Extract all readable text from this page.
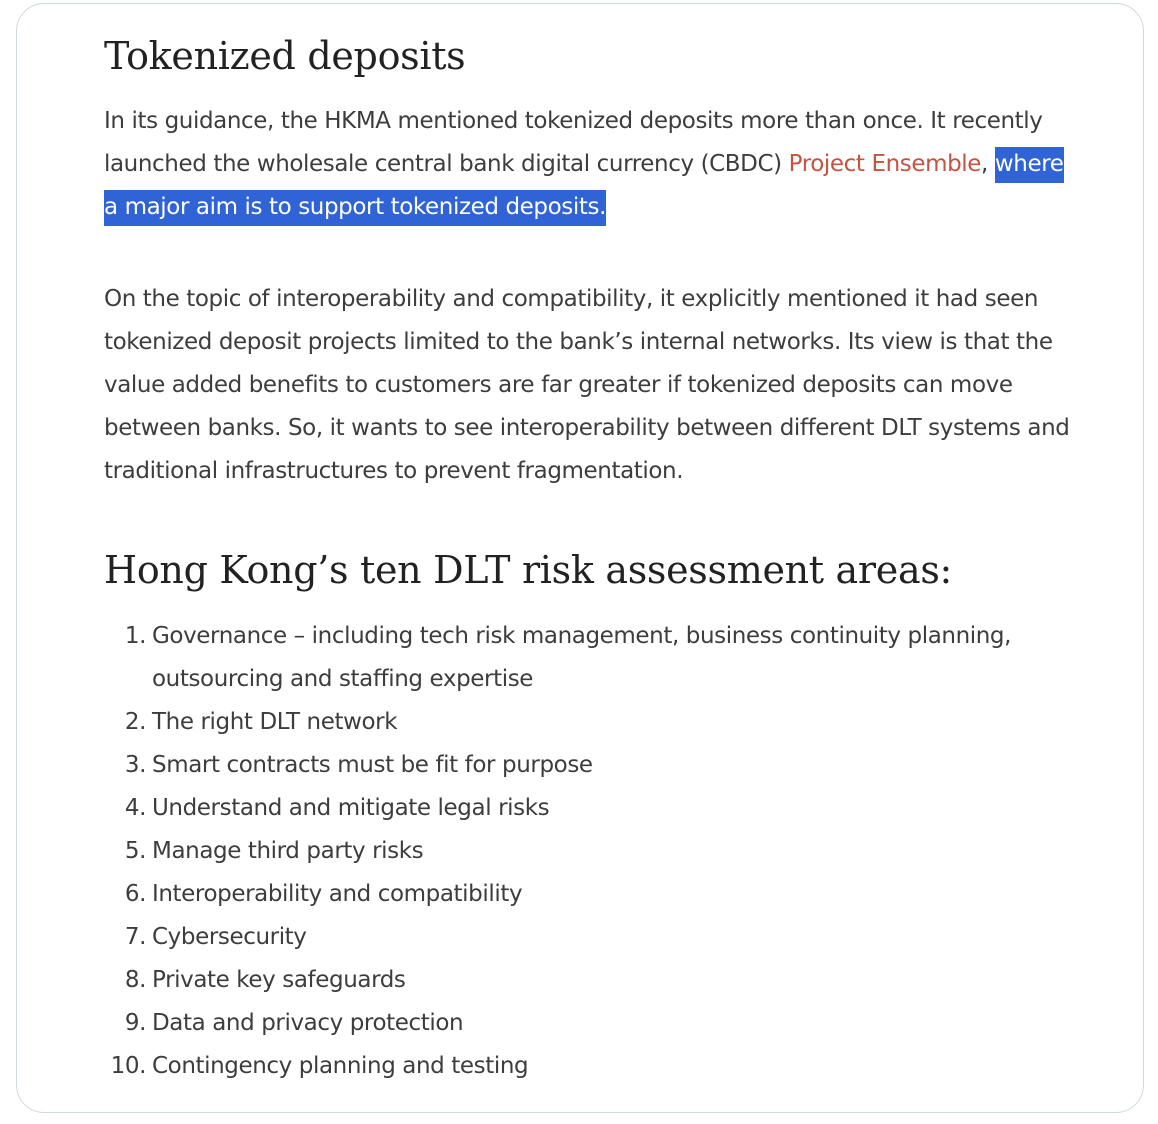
Tokenized deposits

In its guidance, the HKMA mentioned tokenized deposits more than once. It recently launched the wholesale central bank digital currency (CBDC) Project Ensemble, where a major aim is to support tokenized deposits.

On the topic of interoperability and compatibility, it explicitly mentioned it had seen tokenized deposit projects limited to the bank’s internal networks. Its view is that the value added benefits to customers are far greater if tokenized deposits can move between banks. So, it wants to see interoperability between different DLT systems and traditional infrastructures to prevent fragmentation.

Hong Kong’s ten DLT risk assessment areas:
1. Governance – including tech risk management, business continuity planning, outsourcing and staffing expertise
2. The right DLT network
3. Smart contracts must be fit for purpose
4. Understand and mitigate legal risks
5. Manage third party risks
6. Interoperability and compatibility
7. Cybersecurity
8. Private key safeguards
9. Data and privacy protection
10. Contingency planning and testing
